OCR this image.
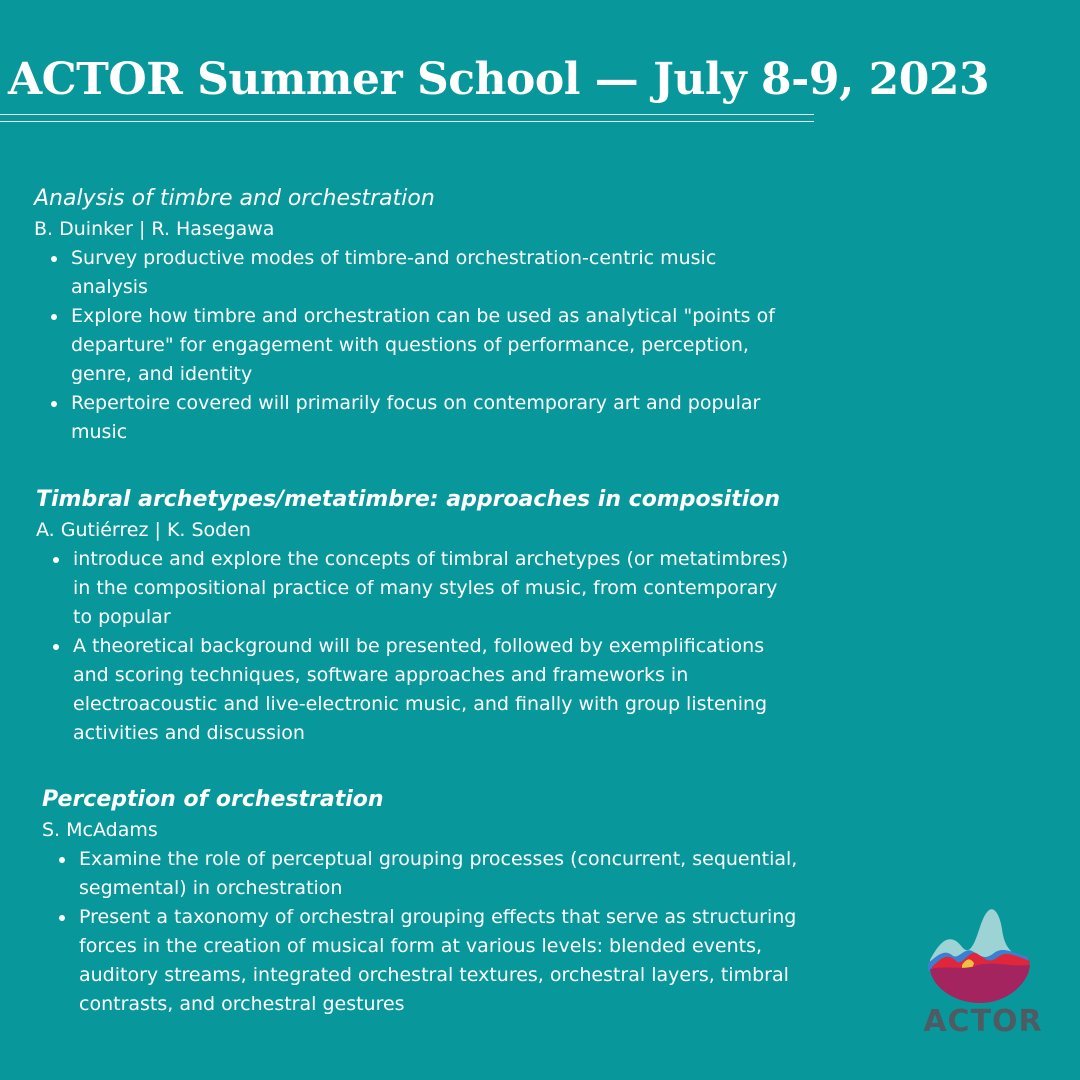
ACTOR Summer School — July 8-9, 2023

Analysis of timbre and orchestration

B. Duinker | R. Hasegawa

Survey productive modes of timbre-and orchestration-centric music analysis
Explore how timbre and orchestration can be used as analytical "points of departure" for engagement with questions of performance, perception, genre, and identity
Repertoire covered will primarily focus on contemporary art and popular music

Timbral archetypes/metatimbre: approaches in composition

A. Gutiérrez | K. Soden

introduce and explore the concepts of timbral archetypes (or metatimbres) in the compositional practice of many styles of music, from contemporary to popular
A theoretical background will be presented, followed by exemplifications and scoring techniques, software approaches and frameworks in electroacoustic and live-electronic music, and finally with group listening activities and discussion

Perception of orchestration

S. McAdams

Examine the role of perceptual grouping processes (concurrent, sequential, segmental) in orchestration
Present a taxonomy of orchestral grouping effects that serve as structuring forces in the creation of musical form at various levels: blended events, auditory streams, integrated orchestral textures, orchestral layers, timbral contrasts, and orchestral gestures	ACTOR
